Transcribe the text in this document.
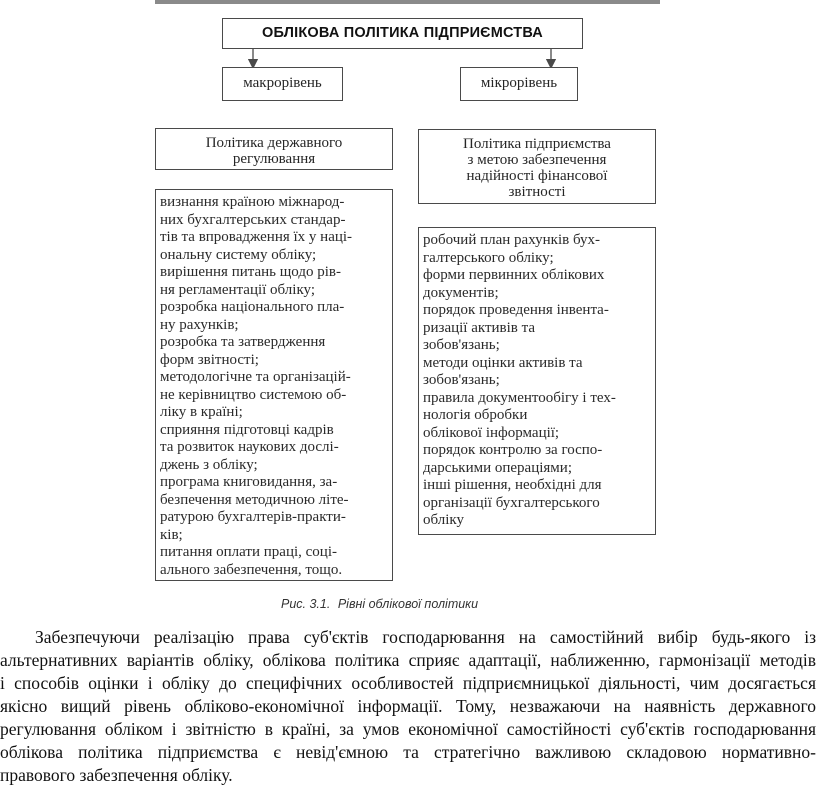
ОБЛІКОВА ПОЛІТИКА ПІДПРИЄМСТВА
макрорівень	мікрорівень
Політика державного
регулювання
Політика підприємства
з метою забезпечення
надійності фінансової
звітності
визнання країною міжнарод-
них бухгалтерських стандар-
тів та впровадження їх у наці-
ональну систему обліку;
вирішення питань щодо рів-
ня регламентації обліку;
розробка національного пла-
ну рахунків;
розробка та затвердження
форм звітності;
методологічне та організацій-
не керівництво системою об-
ліку в країні;
сприяння підготовці кадрів
та розвиток наукових дослі-
джень з обліку;
програма книговидання, за-
безпечення методичною літе-
ратурою бухгалтерів-практи-
ків;
питання оплати праці, соці-
ального забезпечення, тощо.
робочий план рахунків бух-
галтерського обліку;
форми первинних облікових
документів;
порядок проведення інвента-
ризації активів та
зобов'язань;
методи оцінки активів та
зобов'язань;
правила документообігу і тех-
нологія обробки
облікової інформації;
порядок контролю за госпо-
дарськими операціями;
інші рішення, необхідні для
організації бухгалтерського
обліку
Рис. 3.1. Рівні облікової політики
Забезпечуючи реалізацію права суб'єктів господарювання на самостійний вибір будь-якого із
альтернативних варіантів обліку, облікова політика сприяє адаптації, наближенню, гармонізації методів
і способів оцінки і обліку до специфічних особливостей підприємницької діяльності, чим досягається
якісно вищий рівень обліково-економічної інформації. Тому, незважаючи на наявність державного
регулювання обліком і звітністю в країні, за умов економічної самостійності суб'єктів господарювання
облікова політика підприємства є невід'ємною та стратегічно важливою складовою нормативно-
правового забезпечення обліку.
